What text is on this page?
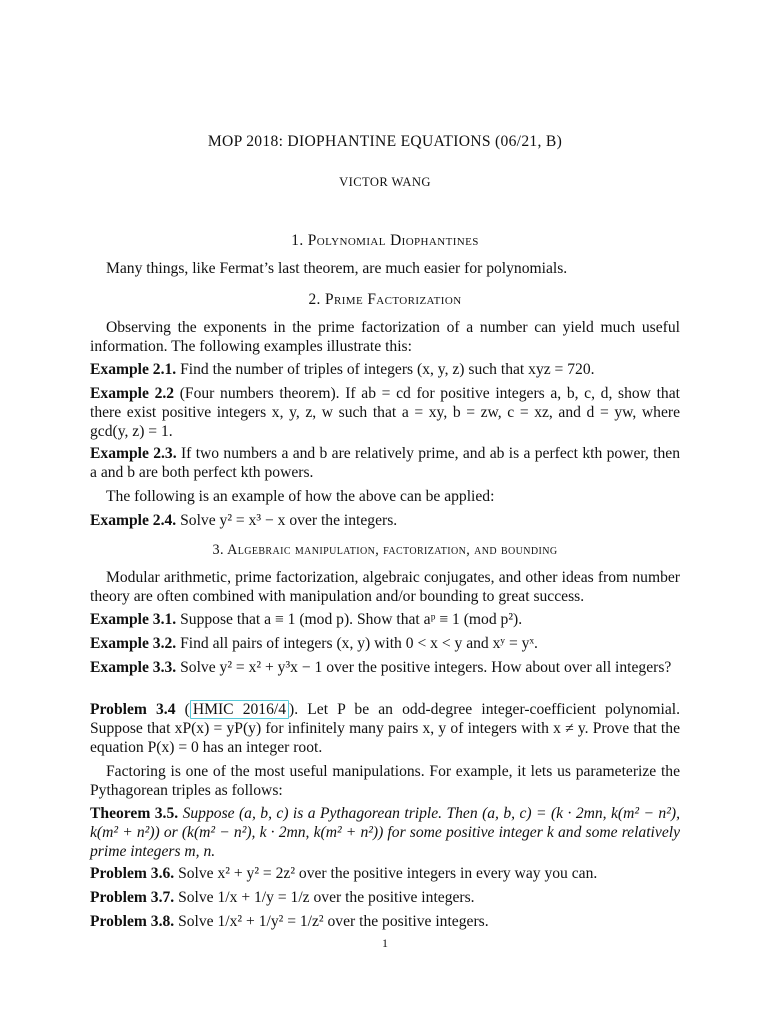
MOP 2018: DIOPHANTINE EQUATIONS (06/21, B)
VICTOR WANG
1. Polynomial Diophantines
Many things, like Fermat’s last theorem, are much easier for polynomials.
2. Prime Factorization
Observing the exponents in the prime factorization of a number can yield much useful information. The following examples illustrate this:
Example 2.1. Find the number of triples of integers (x, y, z) such that xyz = 720.
Example 2.2 (Four numbers theorem). If ab = cd for positive integers a, b, c, d, show that there exist positive integers x, y, z, w such that a = xy, b = zw, c = xz, and d = yw, where gcd(y, z) = 1.
Example 2.3. If two numbers a and b are relatively prime, and ab is a perfect kth power, then a and b are both perfect kth powers.
The following is an example of how the above can be applied:
Example 2.4. Solve y² = x³ − x over the integers.
3. Algebraic manipulation, factorization, and bounding
Modular arithmetic, prime factorization, algebraic conjugates, and other ideas from number theory are often combined with manipulation and/or bounding to great success.
Example 3.1. Suppose that a ≡ 1 (mod p). Show that aᵖ ≡ 1 (mod p²).
Example 3.2. Find all pairs of integers (x, y) with 0 < x < y and xʸ = yˣ.
Example 3.3. Solve y² = x² + y³x − 1 over the positive integers. How about over all integers?
Problem 3.4 ( HMIC 2016/4 ). Let P be an odd-degree integer-coefficient polynomial. Suppose that xP(x) = yP(y) for infinitely many pairs x, y of integers with x ≠ y. Prove that the equation P(x) = 0 has an integer root.
Factoring is one of the most useful manipulations. For example, it lets us parameterize the Pythagorean triples as follows:
Theorem 3.5. Suppose (a, b, c) is a Pythagorean triple. Then (a, b, c) = (k · 2mn, k(m² − n²), k(m² + n²)) or (k(m² − n²), k · 2mn, k(m² + n²)) for some positive integer k and some relatively prime integers m, n.
Problem 3.6. Solve x² + y² = 2z² over the positive integers in every way you can.
Problem 3.7. Solve 1/x + 1/y = 1/z over the positive integers.
Problem 3.8. Solve 1/x² + 1/y² = 1/z² over the positive integers.
1
